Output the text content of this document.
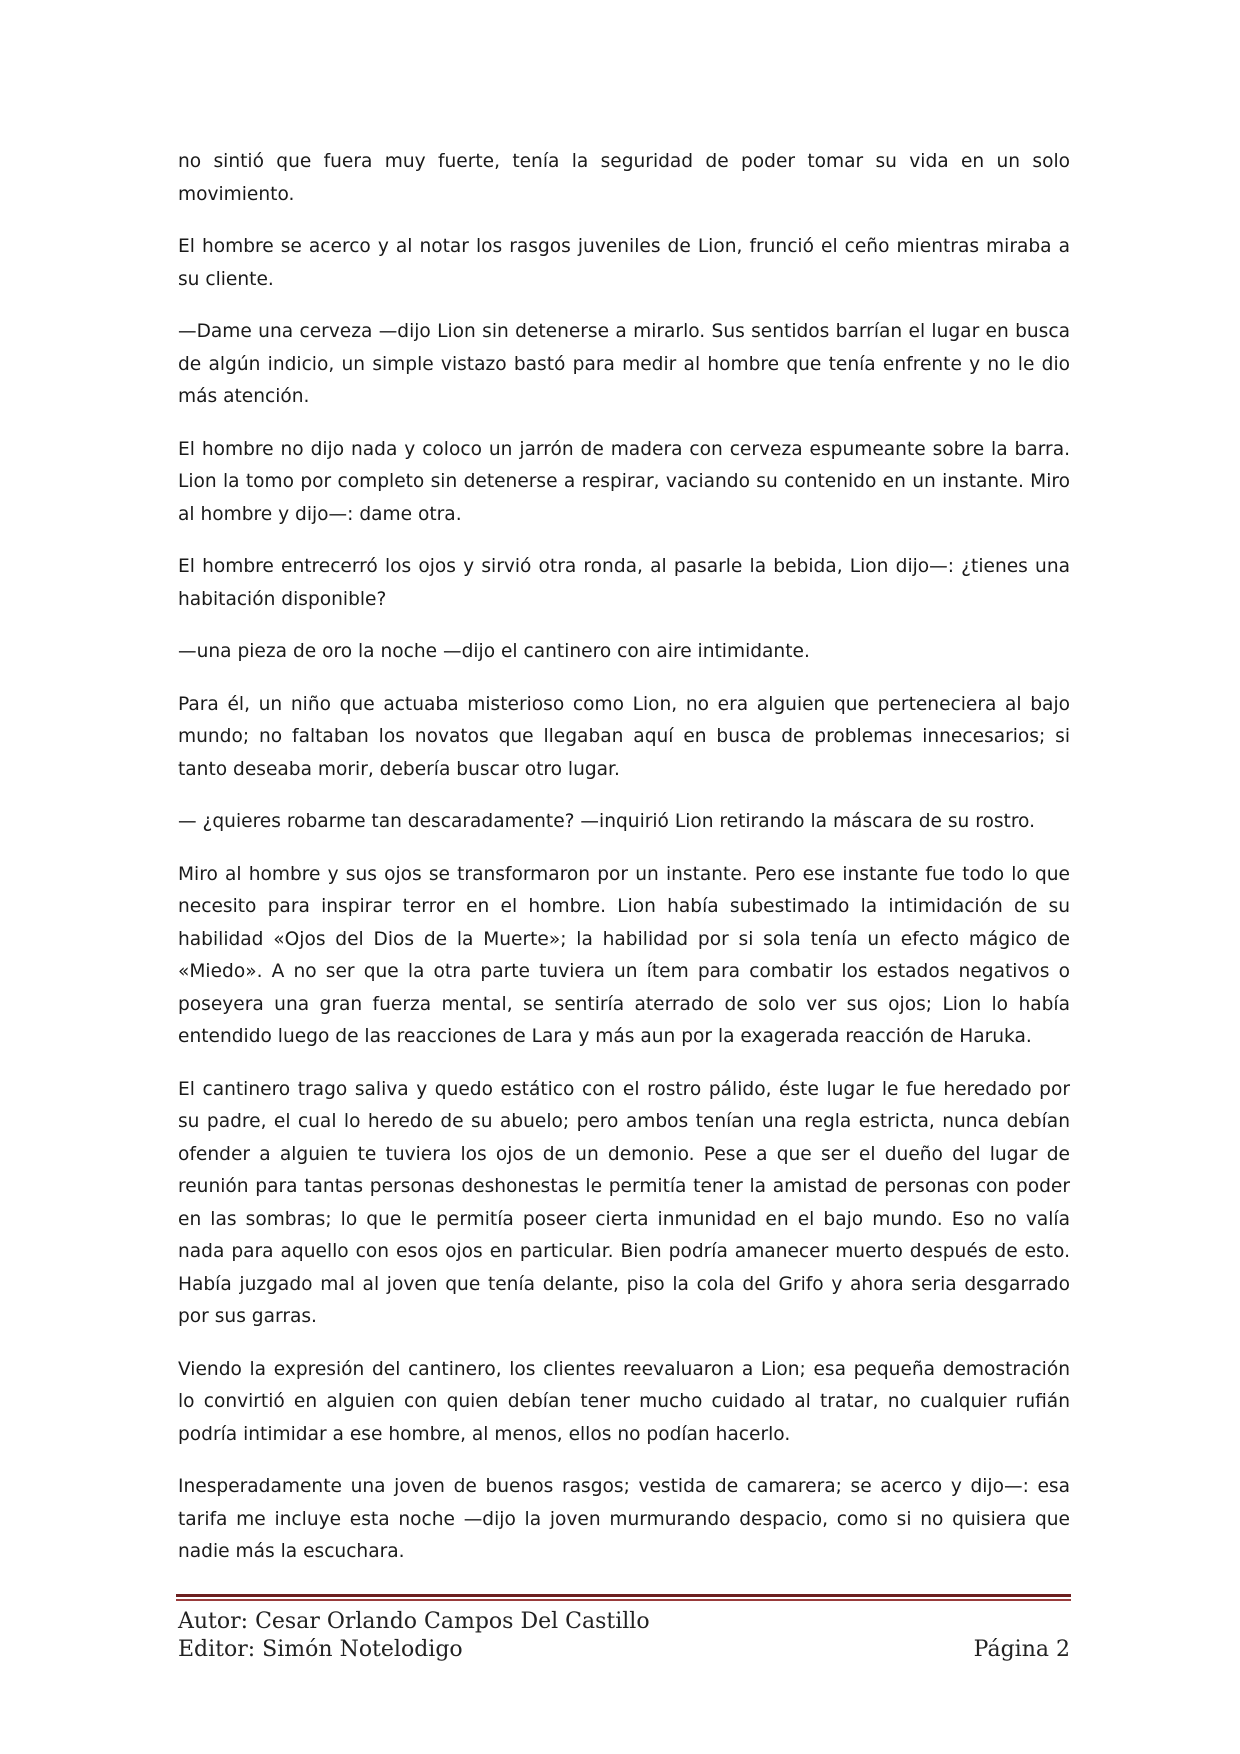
no sintió que fuera muy fuerte, tenía la seguridad de poder tomar su vida en un solo movimiento.

El hombre se acerco y al notar los rasgos juveniles de Lion, frunció el ceño mientras miraba a su cliente.

—Dame una cerveza —dijo Lion sin detenerse a mirarlo. Sus sentidos barrían el lugar en busca de algún indicio, un simple vistazo bastó para medir al hombre que tenía enfrente y no le dio más atención.

El hombre no dijo nada y coloco un jarrón de madera con cerveza espumeante sobre la barra. Lion la tomo por completo sin detenerse a respirar, vaciando su contenido en un instante. Miro al hombre y dijo—: dame otra.

El hombre entrecerró los ojos y sirvió otra ronda, al pasarle la bebida, Lion dijo—: ¿tienes una habitación disponible?

—una pieza de oro la noche —dijo el cantinero con aire intimidante.

Para él, un niño que actuaba misterioso como Lion, no era alguien que perteneciera al bajo mundo; no faltaban los novatos que llegaban aquí en busca de problemas innecesarios; si tanto deseaba morir, debería buscar otro lugar.

— ¿quieres robarme tan descaradamente? —inquirió Lion retirando la máscara de su rostro.

Miro al hombre y sus ojos se transformaron por un instante. Pero ese instante fue todo lo que necesito para inspirar terror en el hombre. Lion había subestimado la intimidación de su habilidad «Ojos del Dios de la Muerte»; la habilidad por si sola tenía un efecto mágico de «Miedo». A no ser que la otra parte tuviera un ítem para combatir los estados negativos o poseyera una gran fuerza mental, se sentiría aterrado de solo ver sus ojos; Lion lo había entendido luego de las reacciones de Lara y más aun por la exagerada reacción de Haruka.

El cantinero trago saliva y quedo estático con el rostro pálido, éste lugar le fue heredado por su padre, el cual lo heredo de su abuelo; pero ambos tenían una regla estricta, nunca debían ofender a alguien te tuviera los ojos de un demonio. Pese a que ser el dueño del lugar de reunión para tantas personas deshonestas le permitía tener la amistad de personas con poder en las sombras; lo que le permitía poseer cierta inmunidad en el bajo mundo. Eso no valía nada para aquello con esos ojos en particular. Bien podría amanecer muerto después de esto. Había juzgado mal al joven que tenía delante, piso la cola del Grifo y ahora seria desgarrado por sus garras.

Viendo la expresión del cantinero, los clientes reevaluaron a Lion; esa pequeña demostración lo convirtió en alguien con quien debían tener mucho cuidado al tratar, no cualquier rufián podría intimidar a ese hombre, al menos, ellos no podían hacerlo.

Inesperadamente una joven de buenos rasgos; vestida de camarera; se acerco y dijo—: esa tarifa me incluye esta noche —dijo la joven murmurando despacio, como si no quisiera que nadie más la escuchara.

Autor: Cesar Orlando Campos Del Castillo
Editor: Simón Notelodigo	Página 2
